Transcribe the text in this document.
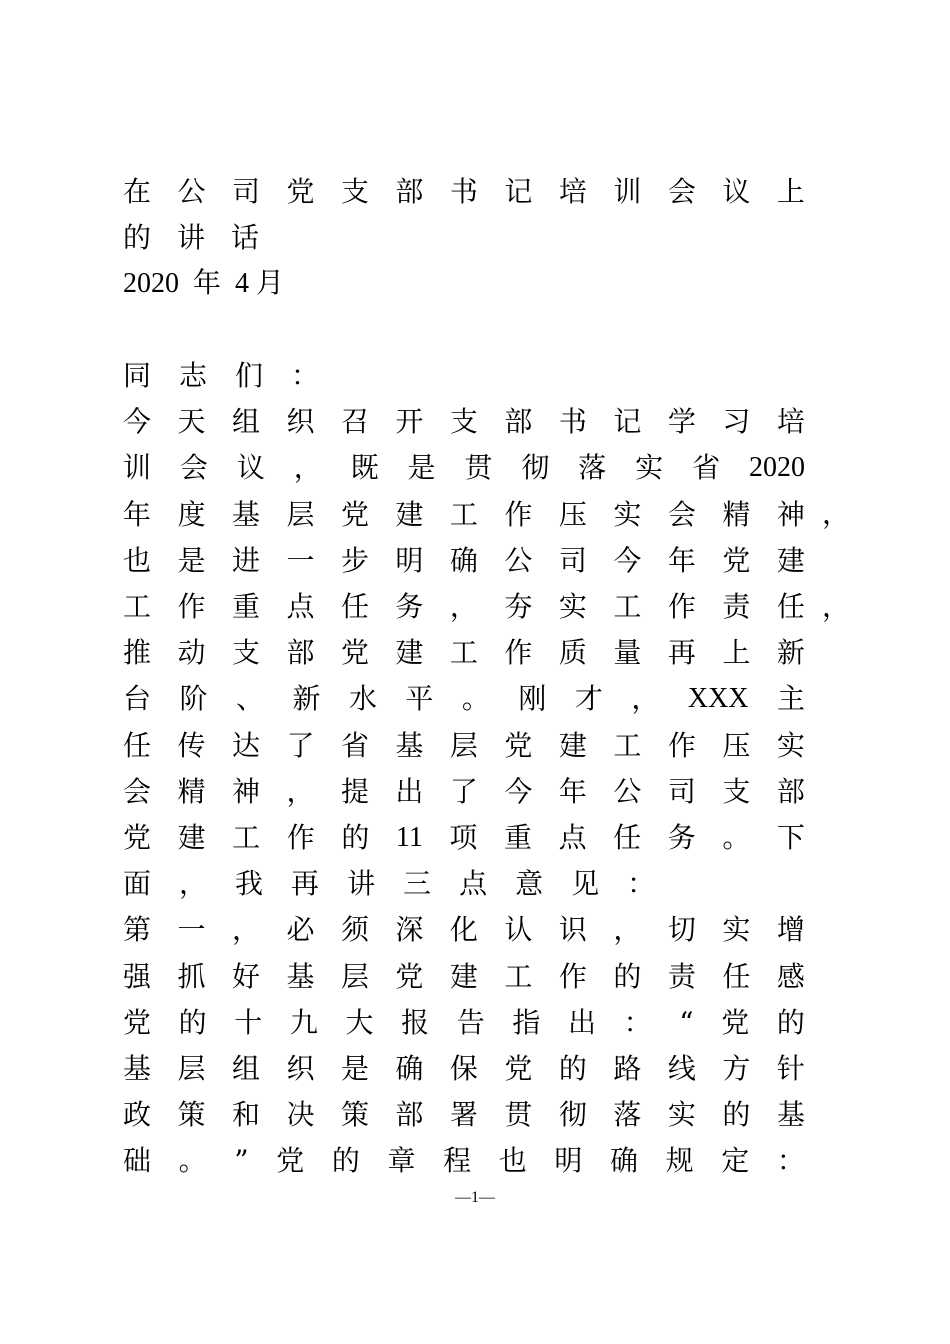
在 公 司 党 支 部 书 记 培 训 会 议 上
的 讲 话
2020  年  4 月
同 志 们 ：
今 天 组 织 召 开 支 部 书 记 学 习 培
训 会 议 ， 既 是 贯 彻 落 实 省 2020
年 度 基 层 党 建 工 作 压 实 会 精 神
也 是 进 一 步 明 确 公 司 今 年 党 建
工 作 重 点 任 务 ， 夯 实 工 作 责 任
推 动 支 部 党 建 工 作 质 量 再 上 新
台 阶 、 新 水 平 。 刚 才 ， XXX 主
任 传 达 了 省 基 层 党 建 工 作 压 实
会 精 神 ， 提 出 了 今 年 公 司 支 部
党 建 工 作 的 11 项 重 点 任 务 。 下
面 ， 我 再 讲 三 点 意 见 ：
第 一 ， 必 须 深 化 认 识 ， 切 实 增
强 抓 好 基 层 党 建 工 作 的 责 任 感
党 的 十 九 大 报 告 指 出 ： “ 党 的
基 层 组 织 是 确 保 党 的 路 线 方 针
政 策 和 决 策 部 署 贯 彻 落 实 的 基
础 。 ” 党 的 章 程 也 明 确 规 定 ：
，
，
—1—
